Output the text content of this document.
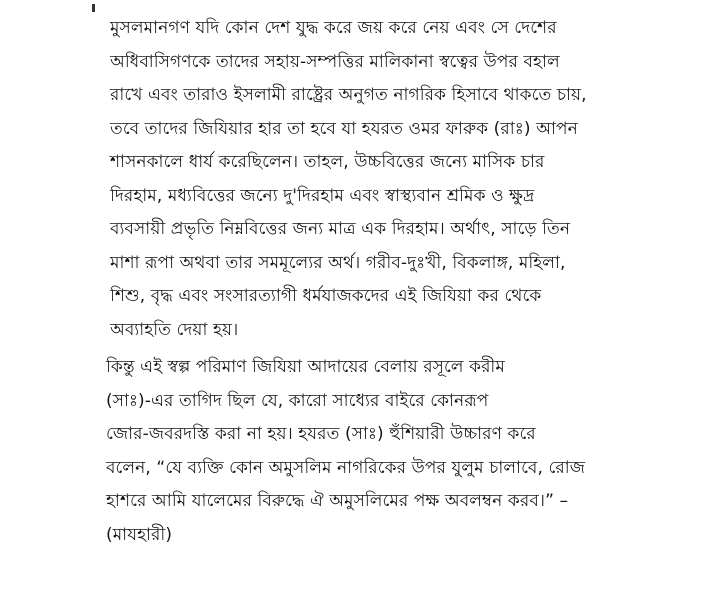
মুসলমানগণ যদি কোন দেশ যুদ্ধ করে জয় করে নেয় এবং সে দেশের
অধিবাসিগণকে তাদের সহায়-সম্পত্তির মালিকানা স্বত্বের উপর বহাল
রাখে এবং তারাও ইসলামী রাষ্ট্রের অনুগত নাগরিক হিসাবে থাকতে চায়,
তবে তাদের জিযিয়ার হার তা হবে যা হযরত ওমর ফারুক (রাঃ) আপন
শাসনকালে ধার্য করেছিলেন। তাহল, উচ্চবিত্তের জন্যে মাসিক চার
দিরহাম, মধ্যবিত্তের জন্যে দু'দিরহাম এবং স্বাস্থ্যবান শ্রমিক ও ক্ষুদ্র
ব্যবসায়ী প্রভৃতি নিম্নবিত্তের জন্য মাত্র এক দিরহাম। অর্থাৎ, সাড়ে তিন
মাশা রূপা অথবা তার সমমূল্যের অর্থ। গরীব-দুঃখী, বিকলাঙ্গ, মহিলা,
শিশু, বৃদ্ধ এবং সংসারত্যাগী ধর্মযাজকদের এই জিযিয়া কর থেকে
অব্যাহতি দেয়া হয়।

কিন্তু এই স্বল্প পরিমাণ জিযিয়া আদায়ের বেলায় রসূলে করীম
(সাঃ)-এর তাগিদ ছিল যে, কারো সাধ্যের বাইরে কোনরূপ
জোর-জবরদস্তি করা না হয়। হযরত (সাঃ) হুঁশিয়ারী উচ্চারণ করে
বলেন, “যে ব্যক্তি কোন অমুসলিম নাগরিকের উপর যুলুম চালাবে, রোজ
হাশরে আমি যালেমের বিরুদ্ধে ঐ অমুসলিমের পক্ষ অবলম্বন করব।” –
(মাযহারী)
